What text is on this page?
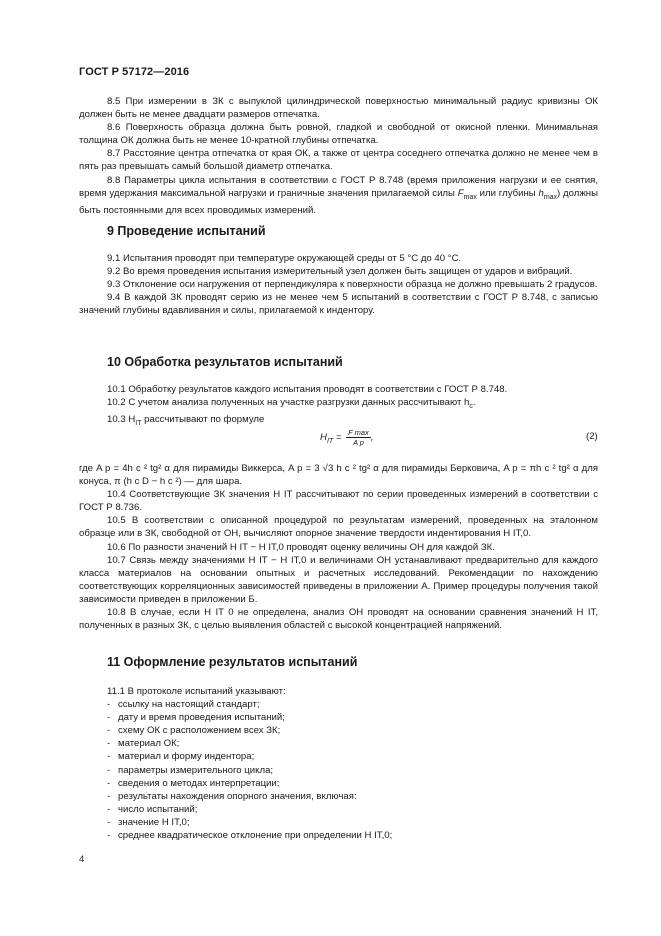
ГОСТ Р 57172—2016

8.5 При измерении в ЗК с выпуклой цилиндрической поверхностью минимальный радиус кривизны ОК должен быть не менее двадцати размеров отпечатка.

8.6 Поверхность образца должна быть ровной, гладкой и свободной от окисной пленки. Минимальная толщина ОК должна быть не менее 10-кратной глубины отпечатка.

8.7 Расстояние центра отпечатка от края ОК, а также от центра соседнего отпечатка должно не менее чем в пять раз превышать самый большой диаметр отпечатка.

8.8 Параметры цикла испытания в соответствии с ГОСТ Р 8.748 (время приложения нагрузки и ее снятия, время удержания максимальной нагрузки и граничные значения прилагаемой силы $F_{max}$ или глубины $h_{max}$) должны быть постоянными для всех проводимых измерений.

9 Проведение испытаний

9.1 Испытания проводят при температуре окружающей среды от 5 °С до 40 °С.

9.2 Во время проведения испытания измерительный узел должен быть защищен от ударов и вибраций.

9.3 Отклонение оси нагружения от перпендикуляра к поверхности образца не должно превышать 2 градусов.

9.4 В каждой ЗК проводят серию из не менее чем 5 испытаний в соответствии с ГОСТ Р 8.748, с записью значений глубины вдавливания и силы, прилагаемой к индентору.

10 Обработка результатов испытаний

10.1 Обработку результатов каждого испытания проводят в соответствии с ГОСТ Р 8.748.

10.2 С учетом анализа полученных на участке разгрузки данных рассчитывают $h_c$.

10.3 $H_{IT}$ рассчитывают по формуле

$H_{IT} = \frac{\text{F max}}{\text{A p}}$ ,	(2)

где A p = 4h c ² tg² α для пирамиды Виккерса, A p = 3 √3 h c ² tg² α для пирамиды Берковича, A p = πh c ² tg² α для конуса, π (h c D − h c ²) — для шара.

10.4 Соответствующие ЗК значения H IT рассчитывают по серии проведенных измерений в соответствии с ГОСТ Р 8.736.

10.5 В соответствии с описанной процедурой по результатам измерений, проведенных на эталонном образце или в ЗК, свободной от ОН, вычисляют опорное значение твердости индентирования H IT,0.

10.6 По разности значений H IT − H IT,0 проводят оценку величины ОН для каждой ЗК.

10.7 Связь между значениями H IT − H IT,0 и величинами ОН устанавливают предварительно для каждого класса материалов на основании опытных и расчетных исследований. Рекомендации по нахождению соответствующих корреляционных зависимостей приведены в приложении А. Пример процедуры получения такой зависимости приведен в приложении Б.

10.8 В случае, если H IT 0 не определена, анализ ОН проводят на основании сравнения значений H IT, полученных в разных ЗК, с целью выявления областей с высокой концентрацией напряжений.

11 Оформление результатов испытаний

11.1 В протоколе испытаний указывают:

- ссылку на настоящий стандарт;

- дату и время проведения испытаний;

- схему ОК с расположением всех ЗК;

- материал ОК;

- материал и форму индентора;

- параметры измерительного цикла;

- сведения о методах интерпретации;

- результаты нахождения опорного значения, включая:

- число испытаний;

- значение H IT,0;

- среднее квадратическое отклонение при определении H IT,0;

4
